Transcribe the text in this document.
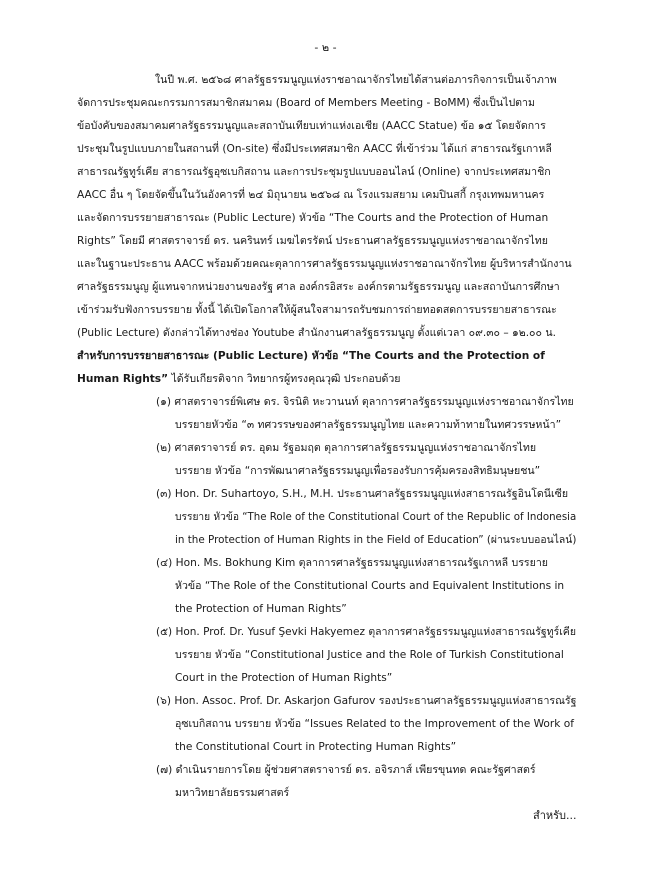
- ๒ -
ในปี พ.ศ. ๒๕๖๘ ศาลรัฐธรรมนูญแห่งราชอาณาจักรไทยได้สานต่อภารกิจการเป็นเจ้าภาพ
จัดการประชุมคณะกรรมการสมาชิกสมาคม (Board of Members Meeting - BoMM) ซึ่งเป็นไปตาม
ข้อบังคับของสมาคมศาลรัฐธรรมนูญและสถาบันเทียบเท่าแห่งเอเชีย (AACC Statue) ข้อ ๑๕ โดยจัดการ
ประชุมในรูปแบบภายในสถานที่ (On-site) ซึ่งมีประเทศสมาชิก AACC ที่เข้าร่วม ได้แก่ สาธารณรัฐเกาหลี
สาธารณรัฐทูร์เคีย สาธารณรัฐอุซเบกิสถาน และการประชุมรูปแบบออนไลน์ (Online) จากประเทศสมาชิก
AACC อื่น ๆ โดยจัดขึ้นในวันอังคารที่ ๒๔ มิถุนายน ๒๕๖๘ ณ โรงแรมสยาม เคมปินสกี้ กรุงเทพมหานคร
และจัดการบรรยายสาธารณะ (Public Lecture) หัวข้อ “The Courts and the Protection of Human
Rights” โดยมี ศาสตราจารย์ ดร. นครินทร์ เมฆไตรรัตน์ ประธานศาลรัฐธรรมนูญแห่งราชอาณาจักรไทย
และในฐานะประธาน AACC พร้อมด้วยคณะตุลาการศาลรัฐธรรมนูญแห่งราชอาณาจักรไทย ผู้บริหารสำนักงาน
ศาลรัฐธรรมนูญ ผู้แทนจากหน่วยงานของรัฐ ศาล องค์กรอิสระ องค์กรตามรัฐธรรมนูญ และสถาบันการศึกษา
เข้าร่วมรับฟังการบรรยาย ทั้งนี้ ได้เปิดโอกาสให้ผู้สนใจสามารถรับชมการถ่ายทอดสดการบรรยายสาธารณะ
(Public Lecture) ดังกล่าวได้ทางช่อง Youtube สำนักงานศาลรัฐธรรมนูญ ตั้งแต่เวลา ๐๙.๓๐ – ๑๒.๐๐ น.
สำหรับการบรรยายสาธารณะ (Public Lecture) หัวข้อ “The Courts and the Protection of
Human Rights” ได้รับเกียรติจาก วิทยากรผู้ทรงคุณวุฒิ ประกอบด้วย
(๑) ศาสตราจารย์พิเศษ ดร. จิรนิติ หะวานนท์ ตุลาการศาลรัฐธรรมนูญแห่งราชอาณาจักรไทย
บรรยายหัวข้อ “๓ ทศวรรษของศาลรัฐธรรมนูญไทย และความท้าทายในทศวรรษหน้า”
(๒) ศาสตราจารย์ ดร. อุดม รัฐอมฤต ตุลาการศาลรัฐธรรมนูญแห่งราชอาณาจักรไทย
บรรยาย หัวข้อ “การพัฒนาศาลรัฐธรรมนูญเพื่อรองรับการคุ้มครองสิทธิมนุษยชน”
(๓) Hon. Dr. Suhartoyo, S.H., M.H. ประธานศาลรัฐธรรมนูญแห่งสาธารณรัฐอินโดนีเซีย
บรรยาย หัวข้อ “The Role of the Constitutional Court of the Republic of Indonesia
in the Protection of Human Rights in the Field of Education” (ผ่านระบบออนไลน์)
(๔) Hon. Ms. Bokhung Kim ตุลาการศาลรัฐธรรมนูญแห่งสาธารณรัฐเกาหลี บรรยาย
หัวข้อ “The Role of the Constitutional Courts and Equivalent Institutions in
the Protection of Human Rights”
(๕) Hon. Prof. Dr. Yusuf Şevki Hakyemez ตุลาการศาลรัฐธรรมนูญแห่งสาธารณรัฐทูร์เคีย
บรรยาย หัวข้อ “Constitutional Justice and the Role of Turkish Constitutional
Court in the Protection of Human Rights”
(๖) Hon. Assoc. Prof. Dr. Askarjon Gafurov รองประธานศาลรัฐธรรมนูญแห่งสาธารณรัฐ
อุซเบกิสถาน บรรยาย หัวข้อ “Issues Related to the Improvement of the Work of
the Constitutional Court in Protecting Human Rights”
(๗) ดำเนินรายการโดย ผู้ช่วยศาสตราจารย์ ดร. อจิรภาส์ เพียรขุนทด คณะรัฐศาสตร์
มหาวิทยาลัยธรรมศาสตร์
สำหรับ...
